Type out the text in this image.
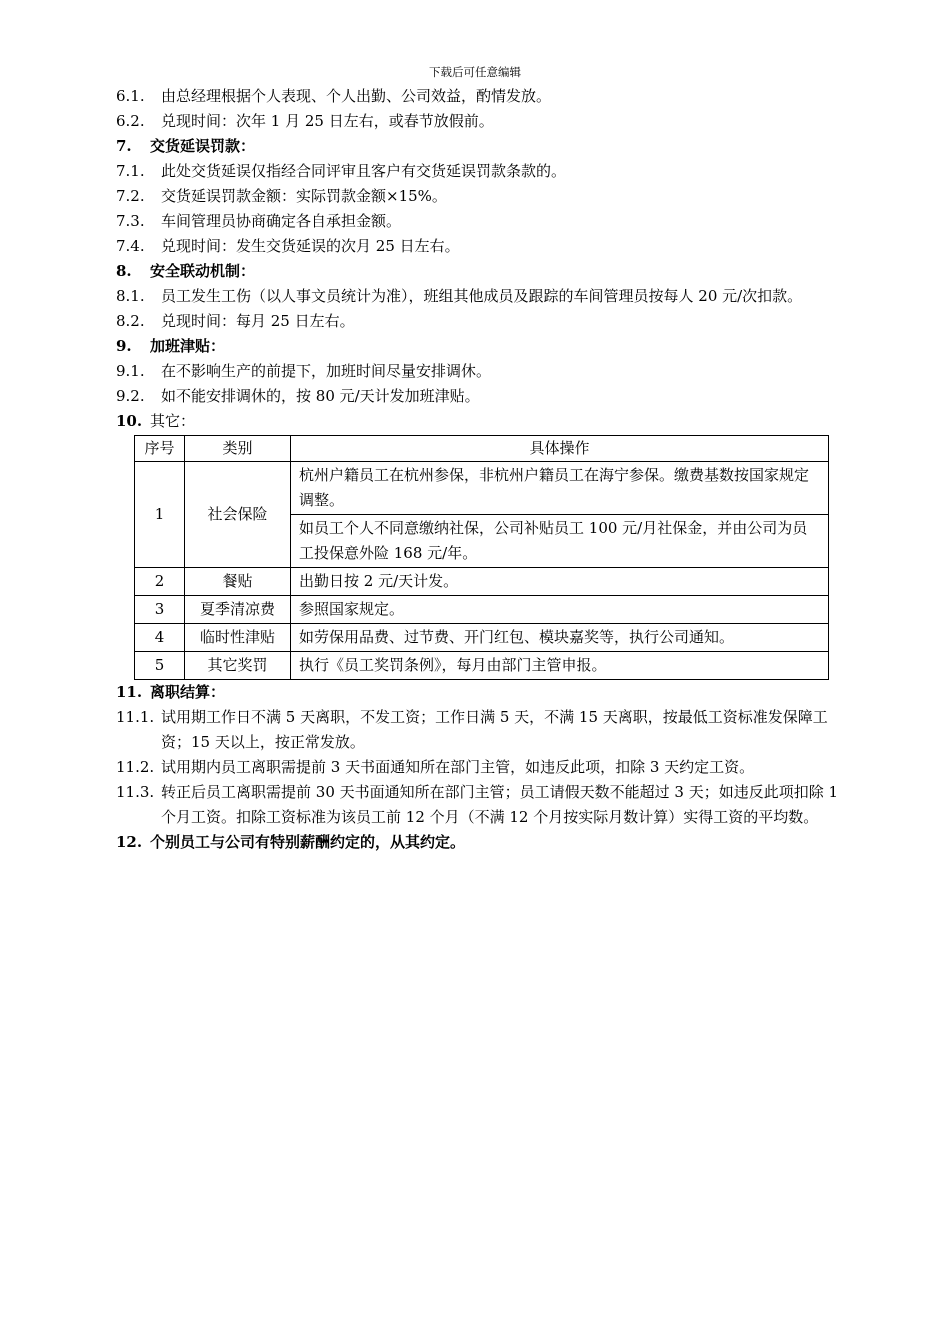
下载后可任意编辑
6.1.	由总经理根据个人表现、个人出勤、公司效益，酌情发放。
6.2.	兑现时间：次年 1 月 25 日左右，或春节放假前。
7.	交货延误罚款：
7.1.	此处交货延误仅指经合同评审且客户有交货延误罚款条款的。
7.2.	交货延误罚款金额：实际罚款金额×15%。
7.3.	车间管理员协商确定各自承担金额。
7.4.	兑现时间：发生交货延误的次月 25 日左右。
8.	安全联动机制：
8.1.	员工发生工伤（以人事文员统计为准），班组其他成员及跟踪的车间管理员按每人 20 元/次扣款。
8.2.	兑现时间：每月 25 日左右。
9.	加班津贴：
9.1.	在不影响生产的前提下，加班时间尽量安排调休。
9.2.	如不能安排调休的，按 80 元/天计发加班津贴。
10. 其它：
序号	类别	具体操作
1	社会保险	杭州户籍员工在杭州参保，非杭州户籍员工在海宁参保。缴费基数按国家规定调整。
		如员工个人不同意缴纳社保，公司补贴员工 100 元/月社保金，并由公司为员工投保意外险 168 元/年。
2	餐贴	出勤日按 2 元/天计发。
3	夏季清凉费	参照国家规定。
4	临时性津贴	如劳保用品费、过节费、开门红包、模块嘉奖等，执行公司通知。
5	其它奖罚	执行《员工奖罚条例》，每月由部门主管申报。
11. 离职结算：
11.1. 试用期工作日不满 5 天离职，不发工资；工作日满 5 天，不满 15 天离职，按最低工资标准发保障工资；15 天以上，按正常发放。
11.2. 试用期内员工离职需提前 3 天书面通知所在部门主管，如违反此项，扣除 3 天约定工资。
11.3. 转正后员工离职需提前 30 天书面通知所在部门主管；员工请假天数不能超过 3 天；如违反此项扣除 1 个月工资。扣除工资标准为该员工前 12 个月（不满 12 个月按实际月数计算）实得工资的平均数。
12. 个别员工与公司有特别薪酬约定的，从其约定。
